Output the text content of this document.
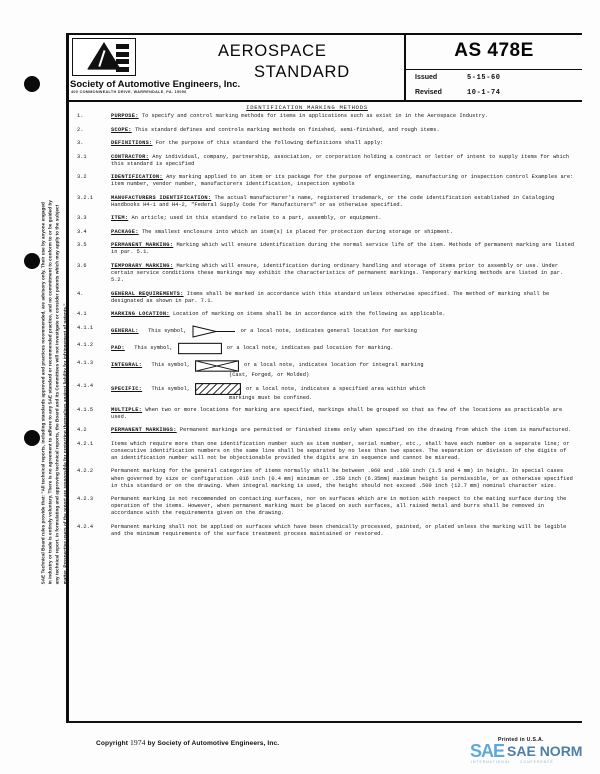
SAE Technical Board rules provide that: "All technical reports, including standards approved and practices recommended, are advisory only. Their use by anyone engaged in industry or trade is entirely voluntary. There is no agreement to adhere to any SAE standard or recommended practice, and no commitment to conform to or be guided by any technical report. In formulating and approving technical reports, the Board and its Committees will not investigate or consider patents which may apply to the subject matter. Prospective users of the report are responsible for protecting themselves against liability for infringement of patents."

Society of Automotive Engineers, Inc.
400 COMMONWEALTH DRIVE, WARRENDALE, PA. 15096
AEROSPACE
STANDARD
AS 478E
Issued	5-15-60
Revised	10-1-74
IDENTIFICATION MARKING METHODS
1.	PURPOSE: To specify and control marking methods for items in applications such as exist in in the Aerospace Industry.
2.	SCOPE: This standard defines and controls marking methods on finished, semi-finished, and rough items.
3.	DEFINITIONS: For the purpose of this standard the following definitions shall apply:
3.1	CONTRACTOR: Any individual, company, partnership, association, or corporation holding a contract or letter of intent to supply items for which this standard is specified
3.2	IDENTIFICATION: Any marking applied to an item or its package for the purpose of engineering, manufacturing or inspection control Examples are: item number, vendor number, manufacturers identification, inspection symbols
3.2.1	MANUFACTURERS IDENTIFICATION: The actual manufacturer's name, registered trademark, or the code identification established in Cataloging Handbooks H4-1 and H4-2, "Federal Supply Code for Manufacturers" or as otherwise specified.
3.3	ITEM: An article; used in this standard to relate to a part, assembly, or equipment.
3.4	PACKAGE: The smallest enclosure into which an item(s) is placed for protection during storage or shipment.
3.5	PERMANENT MARKING: Marking which will ensure identification during the normal service life of the item. Methods of permanent marking are listed in par. 5.1.
3.6	TEMPORARY MARKING: Marking which will ensure, identification during ordinary handling and storage of items prior to assembly or use. Under certain service conditions these markings may exhibit the characteristics of permanent markings. Temporary marking methods are listed in par. 5.2.
4.	GENERAL REQUIREMENTS: Items shall be marked in accordance with this standard unless otherwise specified. The method of marking shall be designated as shown in par. 7.1.
4.1	MARKING LOCATION: Location of marking on items shall be in accordance with the following as applicable.
4.1.1	GENERAL: This symbol,	or a local note, indicates general location for marking
4.1.2	PAD: This symbol,	or a local note, indicates pad location for marking.
4.1.3	INTEGRAL: This symbol,	or a local note, indicates location for integral marking
(Cast, Forged, or Molded)
4.1.4	SPECIFIC: This symbol,	or a local note, indicates a specified area within which
markings must be confined.
4.1.5	MULTIPLE: When two or more locations for marking are specified, markings shall be grouped so that as few of the locations as practicable are used.
4.2	PERMANENT MARKINGS: Permanent markings are permitted or finished items only when specified on the drawing from which the item is manufactured.
4.2.1	Items which require more than one identification number such as item number, serial number, etc., shall have each number on a separate line; or consecutive identification numbers on the same line shall be separated by no less than two spaces. The separation or division of the digits of an identification number will not be objectionable provided the digits are in sequence and cannot be misread.
4.2.2	Permanent marking for the general categories of items normally shall be between .060 and .160 inch (1.5 and 4 mm) in height. In special cases when governed by size or configuration .016 inch (0.4 mm) minimum or .250 inch (6.35mm) maximum height is permissible, or as otherwise specified in this standard or on the drawing. When integral marking is used, the height should not exceed .500 inch (12.7 mm) nominal character size.
4.2.3	Permanent marking is not recommended on contacting surfaces, nor on surfaces which are in motion with respect to the mating surface during the operation of the items. However, when permanent marking must be placed on such surfaces, all raised metal and burrs shall be removed in accordance with the requirements given on the drawing.
4.2.4	Permanent marking shall not be applied on surfaces which have been chemically processed, painted, or plated unless the marking will be legible and the minimum requirements of the surface treatment process maintained or restored.
Copyright 1974 by Society of Automotive Engineers, Inc.	Printed in U.S.A.
SAE SAE NORM
INTERNATIONAL	CONFERENCE
